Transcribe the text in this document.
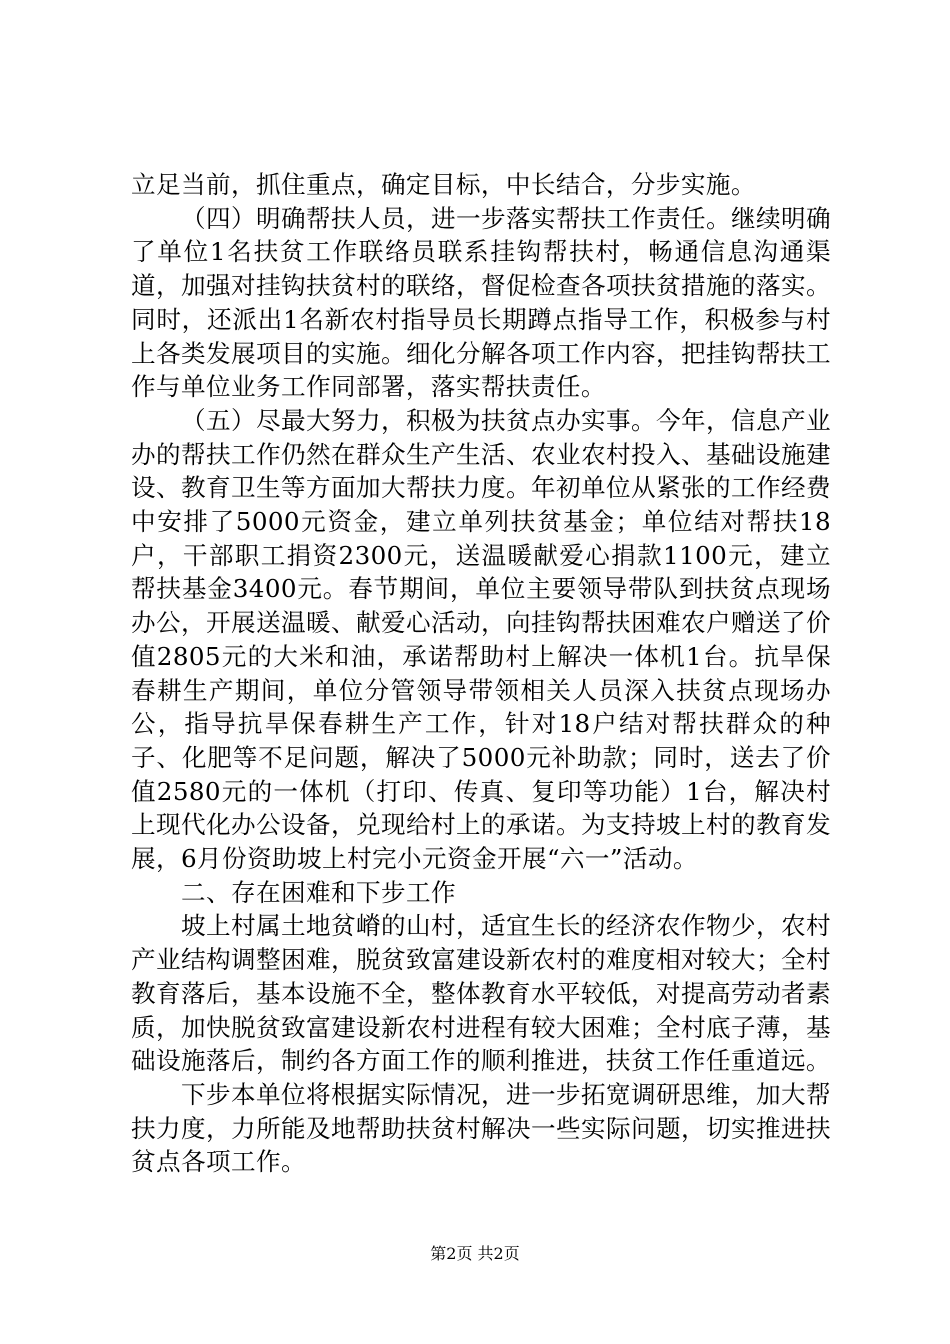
立足当前，抓住重点，确定目标，中长结合，分步实施。

（四）明确帮扶人员，进一步落实帮扶工作责任。继续明确了单位1名扶贫工作联络员联系挂钩帮扶村，畅通信息沟通渠道，加强对挂钩扶贫村的联络，督促检查各项扶贫措施的落实。同时，还派出1名新农村指导员长期蹲点指导工作，积极参与村上各类发展项目的实施。细化分解各项工作内容，把挂钩帮扶工作与单位业务工作同部署，落实帮扶责任。

（五）尽最大努力，积极为扶贫点办实事。今年，信息产业办的帮扶工作仍然在群众生产生活、农业农村投入、基础设施建设、教育卫生等方面加大帮扶力度。年初单位从紧张的工作经费中安排了5000元资金，建立单列扶贫基金；单位结对帮扶18户，干部职工捐资2300元，送温暖献爱心捐款1100元，建立帮扶基金3400元。春节期间，单位主要领导带队到扶贫点现场办公，开展送温暖、献爱心活动，向挂钩帮扶困难农户赠送了价值2805元的大米和油，承诺帮助村上解决一体机1台。抗旱保春耕生产期间，单位分管领导带领相关人员深入扶贫点现场办公，指导抗旱保春耕生产工作，针对18户结对帮扶群众的种子、化肥等不足问题，解决了5000元补助款；同时，送去了价值2580元的一体机（打印、传真、复印等功能）1台，解决村上现代化办公设备，兑现给村上的承诺。为支持坡上村的教育发展，6月份资助坡上村完小元资金开展“六一”活动。

二、存在困难和下步工作

坡上村属土地贫嵴的山村，适宜生长的经济农作物少，农村产业结构调整困难，脱贫致富建设新农村的难度相对较大；全村教育落后，基本设施不全，整体教育水平较低，对提高劳动者素质，加快脱贫致富建设新农村进程有较大困难；全村底子薄，基础设施落后，制约各方面工作的顺利推进，扶贫工作任重道远。

下步本单位将根据实际情况，进一步拓宽调研思维，加大帮扶力度，力所能及地帮助扶贫村解决一些实际问题，切实推进扶贫点各项工作。

第2页 共2页
